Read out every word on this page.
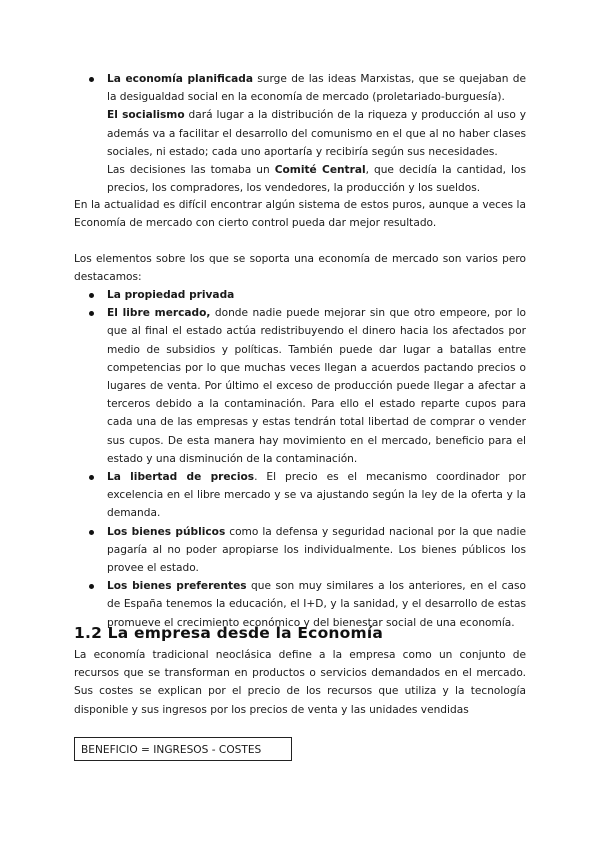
La economía planificada surge de las ideas Marxistas, que se quejaban de la desigualdad social en la economía de mercado (proletariado-burguesía).
El socialismo dará lugar a la distribución de la riqueza y producción al uso y además va a facilitar el desarrollo del comunismo en el que al no haber clases sociales, ni estado; cada uno aportaría y recibiría según sus necesidades.
Las decisiones las tomaba un Comité Central, que decidía la cantidad, los precios, los compradores, los vendedores, la producción y los sueldos.
En la actualidad es difícil encontrar algún sistema de estos puros, aunque a veces la Economía de mercado con cierto control pueda dar mejor resultado.
Los elementos sobre los que se soporta una economía de mercado son varios pero destacamos:
La propiedad privada
El libre mercado, donde nadie puede mejorar sin que otro empeore, por lo que al final el estado actúa redistribuyendo el dinero hacia los afectados por medio de subsidios y políticas. También puede dar lugar a batallas entre competencias por lo que muchas veces llegan a acuerdos pactando precios o lugares de venta. Por último el exceso de producción puede llegar a afectar a terceros debido a la contaminación. Para ello el estado reparte cupos para cada una de las empresas y estas tendrán total libertad de comprar o vender sus cupos. De esta manera hay movimiento en el mercado, beneficio para el estado y una disminución de la contaminación.
La libertad de precios. El precio es el mecanismo coordinador por excelencia en el libre mercado y se va ajustando según la ley de la oferta y la demanda.
Los bienes públicos como la defensa y seguridad nacional por la que nadie pagaría al no poder apropiarse los individualmente. Los bienes públicos los provee el estado.
Los bienes preferentes que son muy similares a los anteriores, en el caso de España tenemos la educación, el I+D, y la sanidad, y el desarrollo de estas promueve el crecimiento económico y del bienestar social de una economía.
1.2 La empresa desde la Economía
La economía tradicional neoclásica define a la empresa como un conjunto de recursos que se transforman en productos o servicios demandados en el mercado. Sus costes se explican por el precio de los recursos que utiliza y la tecnología disponible y sus ingresos por los precios de venta y las unidades vendidas
BENEFICIO = INGRESOS - COSTES
